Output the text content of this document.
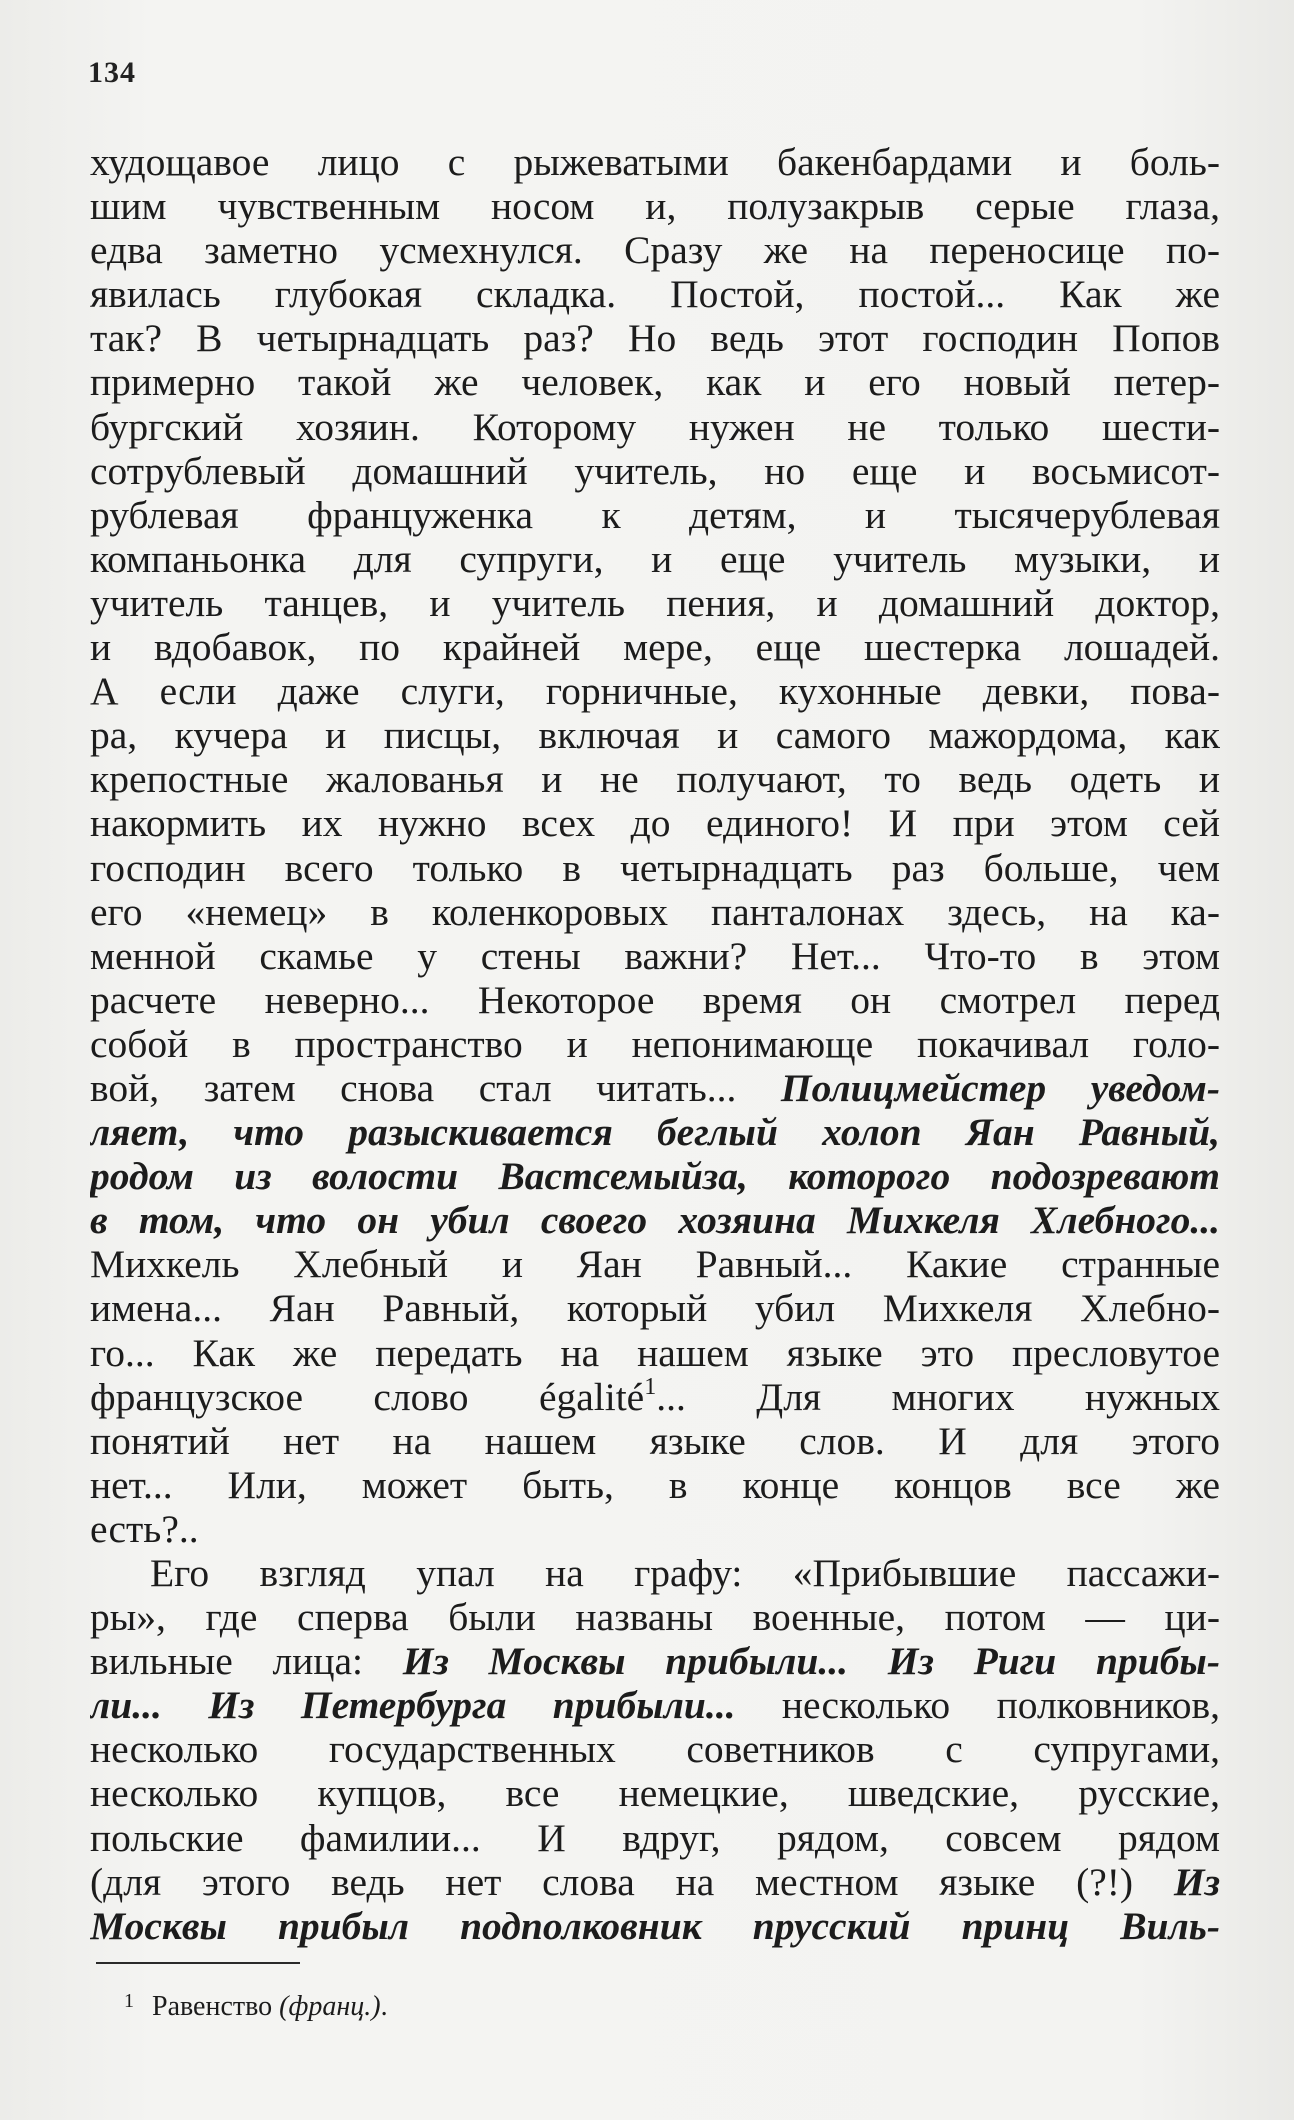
134
худощавое лицо с рыжеватыми бакенбардами и боль-
шим чувственным носом и, полузакрыв серые глаза,
едва заметно усмехнулся. Сразу же на переносице по-
явилась глубокая складка. Постой, постой... Как же
так? В четырнадцать раз? Но ведь этот господин Попов
примерно такой же человек, как и его новый петер-
бургский хозяин. Которому нужен не только шести-
сотрублевый домашний учитель, но еще и восьмисот-
рублевая француженка к детям, и тысячерублевая
компаньонка для супруги, и еще учитель музыки, и
учитель танцев, и учитель пения, и домашний доктор,
и вдобавок, по крайней мере, еще шестерка лошадей.
А если даже слуги, горничные, кухонные девки, пова-
ра, кучера и писцы, включая и самого мажордома, как
крепостные жалованья и не получают, то ведь одеть и
накормить их нужно всех до единого! И при этом сей
господин всего только в четырнадцать раз больше, чем
его «немец» в коленкоровых панталонах здесь, на ка-
менной скамье у стены важни? Нет... Что-то в этом
расчете неверно... Некоторое время он смотрел перед
собой в пространство и непонимающе покачивал голо-
вой, затем снова стал читать... Полицмейстер уведом-
ляет, что разыскивается беглый холоп Яан Равный,
родом из волости Вастсемыйза, которого подозревают
в том, что он убил своего хозяина Михкеля Хлебного...
Михкель Хлебный и Яан Равный... Какие странные
имена... Яан Равный, который убил Михкеля Хлебно-
го... Как же передать на нашем языке это пресловутое
французское слово égalité$^1$... Для многих нужных
понятий нет на нашем языке слов. И для этого
нет... Или, может быть, в конце концов все же
есть?..
Его взгляд упал на графу: «Прибывшие пассажи-
ры», где сперва были названы военные, потом — ци-
вильные лица: Из Москвы прибыли... Из Риги прибы-
ли... Из Петербурга прибыли... несколько полковников,
несколько государственных советников с супругами,
несколько купцов, все немецкие, шведские, русские,
польские фамилии... И вдруг, рядом, совсем рядом
(для этого ведь нет слова на местном языке (?!) Из
Москвы прибыл подполковник прусский принц Виль-
1 Равенство (франц.).
